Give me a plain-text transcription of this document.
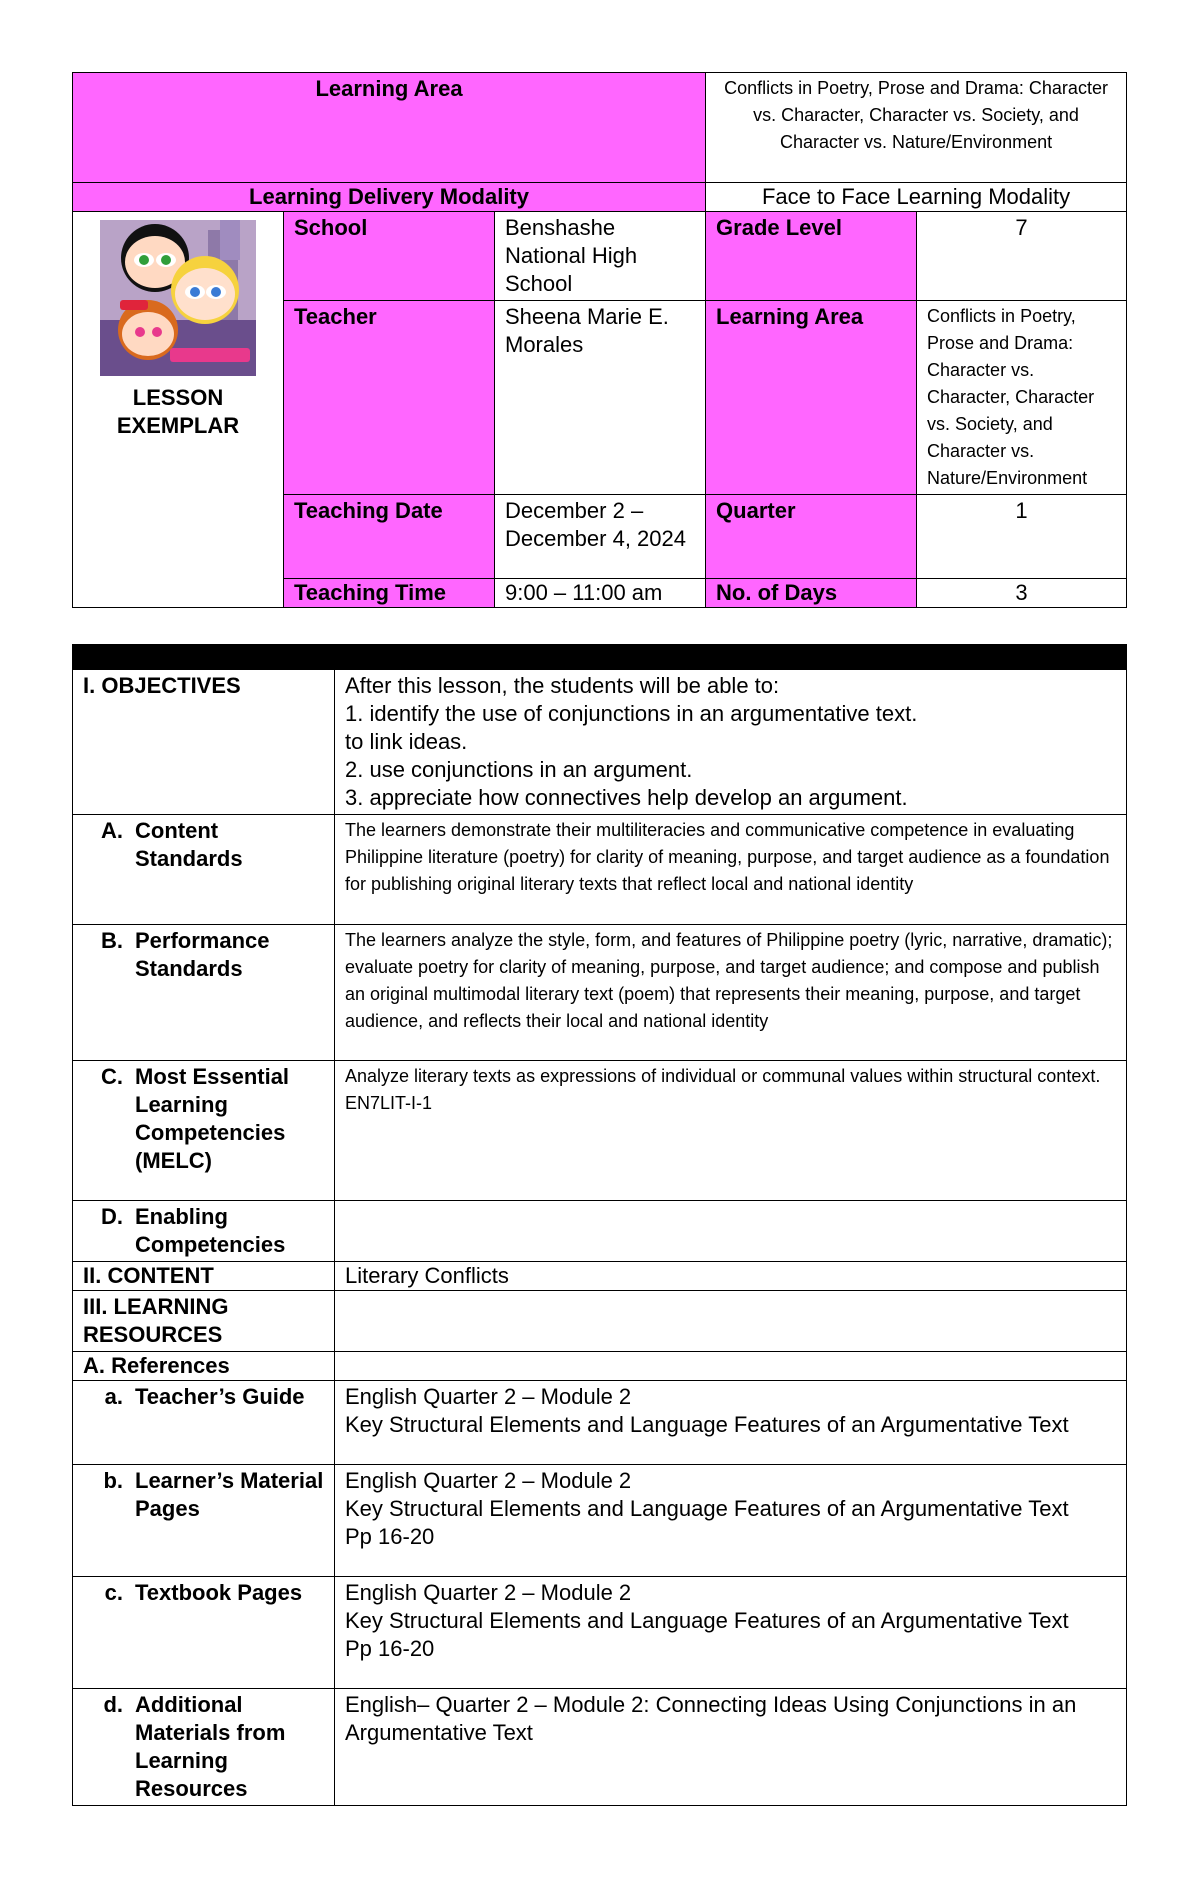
Learning Area			Conflicts in Poetry, Prose and Drama: Character vs. Character, Character vs. Society, and Character vs. Nature/Environment	
Learning Delivery Modality			Face to Face Learning Modality	

LESSON
EXEMPLAR	School	Benshashe National High School	Grade Level	7
	Teacher	Sheena Marie E. Morales	Learning Area	Conflicts in Poetry, Prose and Drama: Character vs. Character, Character vs. Society, and Character vs. Nature/Environment
	Teaching Date	December 2 – December 4, 2024	Quarter	1
	Teaching Time	9:00 – 11:00 am	No. of Days	3

I. OBJECTIVES	After this lesson, the students will be able to:
1. identify the use of conjunctions in an argumentative text.
to link ideas.
2. use conjunctions in an argument.
3. appreciate how connectives help develop an argument.

A. Content Standards	The learners demonstrate their multiliteracies and communicative competence in evaluating Philippine literature (poetry) for clarity of meaning, purpose, and target audience as a foundation for publishing original literary texts that reflect local and national identity

B. Performance Standards	The learners analyze the style, form, and features of Philippine poetry (lyric, narrative, dramatic); evaluate poetry for clarity of meaning, purpose, and target audience; and compose and publish an original multimodal literary text (poem) that represents their meaning, purpose, and target audience, and reflects their local and national identity

C. Most Essential Learning Competencies (MELC)	Analyze literary texts as expressions of individual or communal values within structural context.
EN7LIT-I-1

D. Enabling Competencies	

II. CONTENT	Literary Conflicts
III. LEARNING RESOURCES	
A. References	

a. Teacher’s Guide	English Quarter 2 – Module 2
Key Structural Elements and Language Features of an Argumentative Text

b. Learner’s Material Pages	English Quarter 2 – Module 2
Key Structural Elements and Language Features of an Argumentative Text
Pp 16-20

c. Textbook Pages	English Quarter 2 – Module 2
Key Structural Elements and Language Features of an Argumentative Text
Pp 16-20

d. Additional Materials from Learning Resources	English– Quarter 2 – Module 2: Connecting Ideas Using Conjunctions in an Argumentative Text
